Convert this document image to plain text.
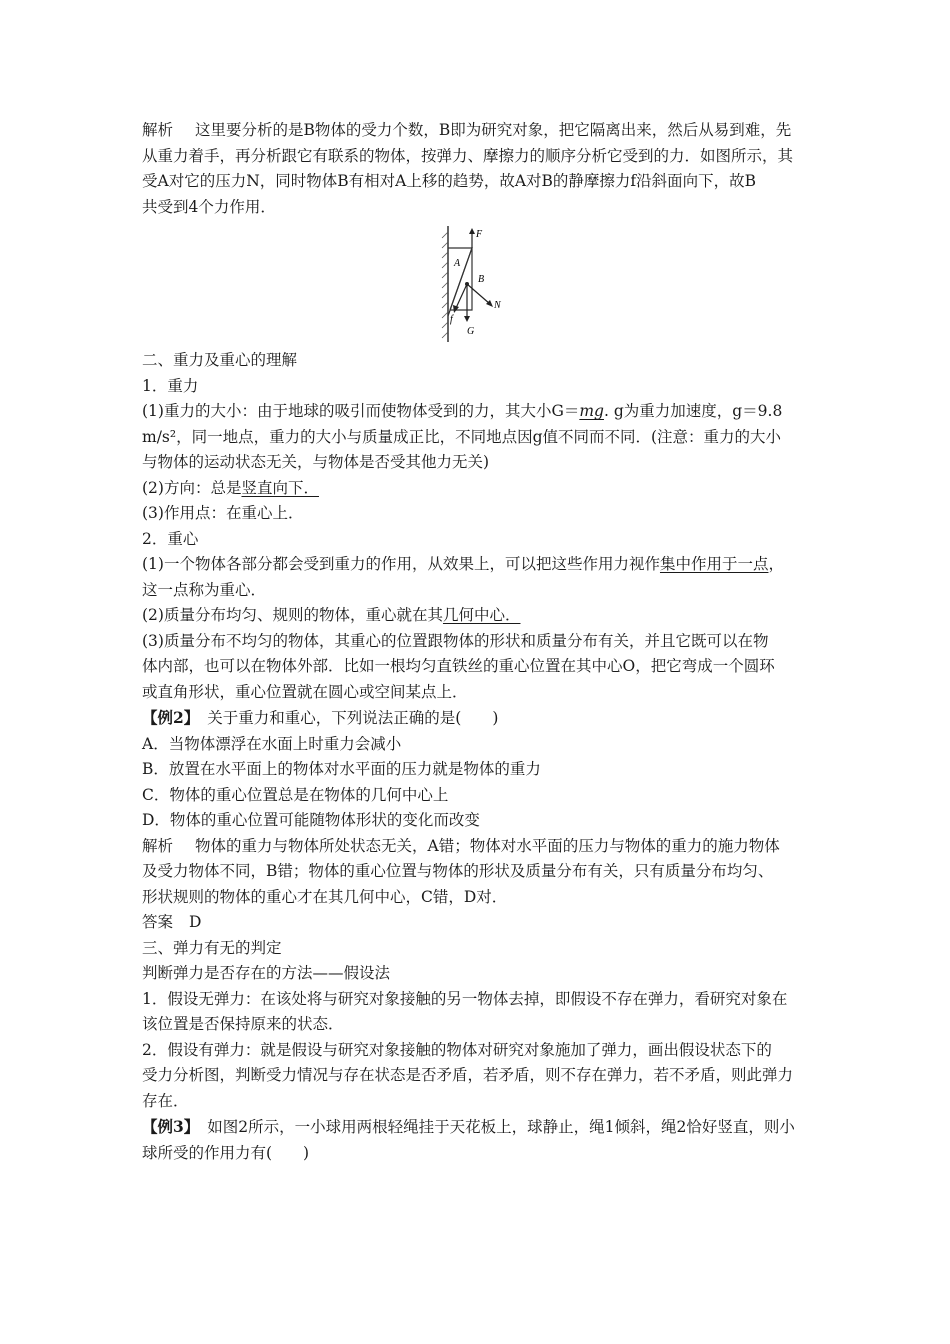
解析 这里要分析的是B物体的受力个数，B即为研究对象，把它隔离出来，然后从易到难，先

从重力着手，再分析跟它有联系的物体，按弹力、摩擦力的顺序分析它受到的力．如图所示，其

受A对它的压力N，同时物体B有相对A上移的趋势，故A对B的静摩擦力f沿斜面向下，故B

共受到4个力作用．

F
A
B
N
f
G

二、重力及重心的理解

1．重力

(1)重力的大小：由于地球的吸引而使物体受到的力，其大小G＝mg. g为重力加速度，g＝9.8

m/s²，同一地点，重力的大小与质量成正比，不同地点因g值不同而不同．(注意：重力的大小

与物体的运动状态无关，与物体是否受其他力无关)

(2)方向：总是竖直向下．

(3)作用点：在重心上．

2．重心

(1)一个物体各部分都会受到重力的作用，从效果上，可以把这些作用力视作集中作用于一点，

这一点称为重心．

(2)质量分布均匀、规则的物体，重心就在其几何中心．

(3)质量分布不均匀的物体，其重心的位置跟物体的形状和质量分布有关，并且它既可以在物

体内部，也可以在物体外部．比如一根均匀直铁丝的重心位置在其中心O，把它弯成一个圆环

或直角形状，重心位置就在圆心或空间某点上．

【例2】 关于重力和重心，下列说法正确的是(　　)

A．当物体漂浮在水面上时重力会减小

B．放置在水平面上的物体对水平面的压力就是物体的重力

C．物体的重心位置总是在物体的几何中心上

D．物体的重心位置可能随物体形状的变化而改变

解析 物体的重力与物体所处状态无关，A错；物体对水平面的压力与物体的重力的施力物体

及受力物体不同，B错；物体的重心位置与物体的形状及质量分布有关，只有质量分布均匀、

形状规则的物体的重心才在其几何中心，C错，D对．

答案 D

三、弹力有无的判定

判断弹力是否存在的方法——假设法

1．假设无弹力：在该处将与研究对象接触的另一物体去掉，即假设不存在弹力，看研究对象在

该位置是否保持原来的状态．

2．假设有弹力：就是假设与研究对象接触的物体对研究对象施加了弹力，画出假设状态下的

受力分析图，判断受力情况与存在状态是否矛盾，若矛盾，则不存在弹力，若不矛盾，则此弹力

存在．

【例3】 如图2所示，一小球用两根轻绳挂于天花板上，球静止，绳1倾斜，绳2恰好竖直，则小

球所受的作用力有(　　)
